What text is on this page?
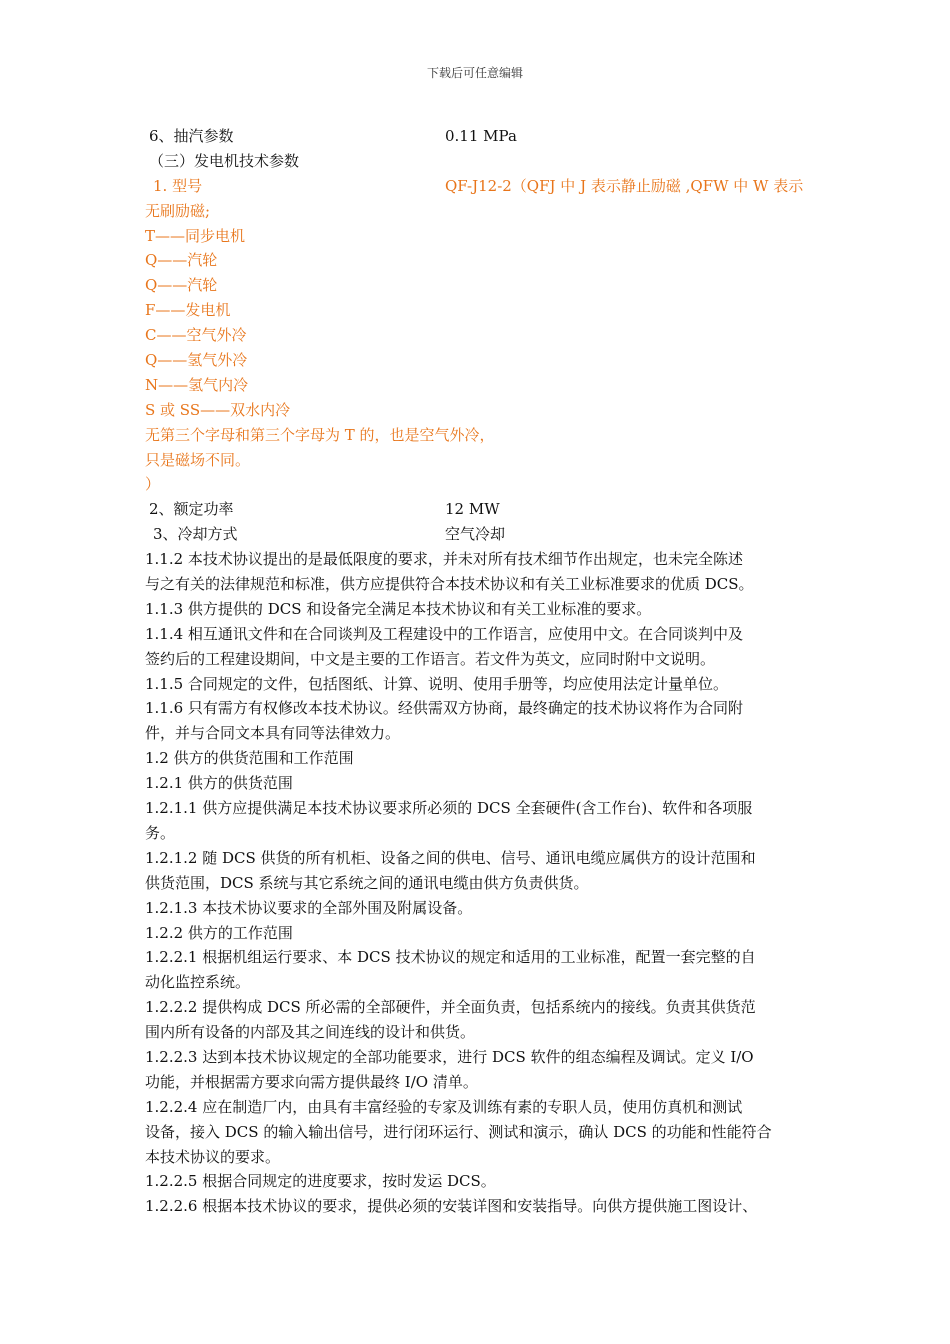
下载后可任意编辑
6、抽汽参数	0.11 MPa
（三）发电机技术参数
1. 型号	QF-J12-2（QFJ 中 J 表示静止励磁 ,QFW 中 W 表示
无刷励磁;
T——同步电机
Q——汽轮
Q——汽轮
F——发电机
C——空气外冷
Q——氢气外冷
N——氢气内冷
S 或 SS——双水内冷
无第三个字母和第三个字母为 T 的，也是空气外冷，
只是磁场不同。
）
2、额定功率	12 MW
3、冷却方式	空气冷却
1.1.2 本技术协议提出的是最低限度的要求，并未对所有技术细节作出规定，也未完全陈述
与之有关的法律规范和标准，供方应提供符合本技术协议和有关工业标准要求的优质 DCS。
1.1.3 供方提供的 DCS 和设备完全满足本技术协议和有关工业标准的要求。
1.1.4 相互通讯文件和在合同谈判及工程建设中的工作语言，应使用中文。在合同谈判中及
签约后的工程建设期间，中文是主要的工作语言。若文件为英文，应同时附中文说明。
1.1.5 合同规定的文件，包括图纸、计算、说明、使用手册等，均应使用法定计量单位。
1.1.6 只有需方有权修改本技术协议。经供需双方协商，最终确定的技术协议将作为合同附
件，并与合同文本具有同等法律效力。
1.2 供方的供货范围和工作范围
1.2.1 供方的供货范围
1.2.1.1 供方应提供满足本技术协议要求所必须的 DCS 全套硬件(含工作台)、软件和各项服
务。
1.2.1.2 随 DCS 供货的所有机柜、设备之间的供电、信号、通讯电缆应属供方的设计范围和
供货范围，DCS 系统与其它系统之间的通讯电缆由供方负责供货。
1.2.1.3 本技术协议要求的全部外围及附属设备。
1.2.2 供方的工作范围
1.2.2.1 根据机组运行要求、本 DCS 技术协议的规定和适用的工业标准，配置一套完整的自
动化监控系统。
1.2.2.2 提供构成 DCS 所必需的全部硬件，并全面负责，包括系统内的接线。负责其供货范
围内所有设备的内部及其之间连线的设计和供货。
1.2.2.3 达到本技术协议规定的全部功能要求，进行 DCS 软件的组态编程及调试。定义 I/O
功能，并根据需方要求向需方提供最终 I/O 清单。
1.2.2.4 应在制造厂内，由具有丰富经验的专家及训练有素的专职人员，使用仿真机和测试
设备，接入 DCS 的输入输出信号，进行闭环运行、测试和演示，确认 DCS 的功能和性能符合
本技术协议的要求。
1.2.2.5 根据合同规定的进度要求，按时发运 DCS。
1.2.2.6 根据本技术协议的要求，提供必须的安装详图和安装指导。向供方提供施工图设计、
